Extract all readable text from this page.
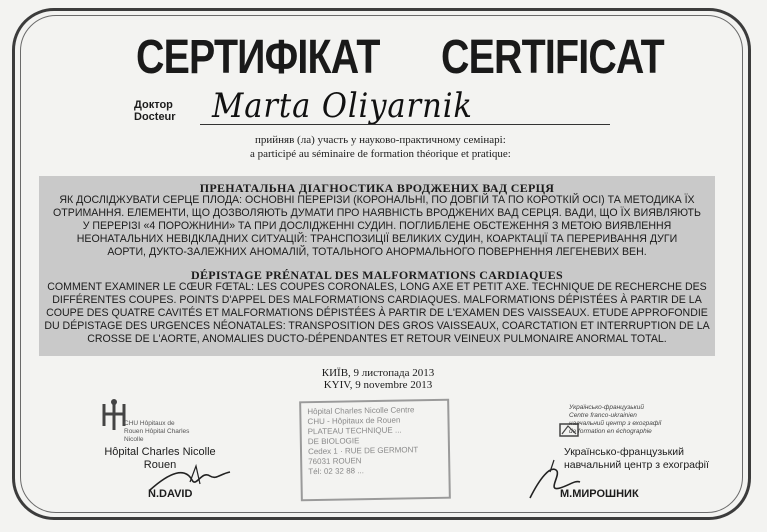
СЕРТИФІКАТ CERTIFICAT
Доктор
Docteur Marta Oliyarnik
прийняв (ла) участь у науково-практичному семінарі:
a participé au séminaire de formation théorique et pratique:
ПРЕНАТАЛЬНА ДІАГНОСТИКА ВРОДЖЕНИХ ВАД СЕРЦЯ
ЯК ДОСЛІДЖУВАТИ СЕРЦЕ ПЛОДА: ОСНОВНІ ПЕРЕРІЗИ (КОРОНАЛЬНІ, ПО ДОВГІЙ ТА ПО КОРОТКІЙ ОСІ) ТА МЕТОДИКА ЇХ
ОТРИМАННЯ. ЕЛЕМЕНТИ, ЩО ДОЗВОЛЯЮТЬ ДУМАТИ ПРО НАЯВНІСТЬ ВРОДЖЕНИХ ВАД СЕРЦЯ. ВАДИ, ЩО ЇХ ВИЯВЛЯЮТЬ
У ПЕРЕРІЗІ «4 ПОРОЖНИНИ» ТА ПРИ ДОСЛІДЖЕННІ СУДИН. ПОГЛИБЛЕНЕ ОБСТЕЖЕННЯ З МЕТОЮ ВИЯВЛЕННЯ
НЕОНАТАЛЬНИХ НЕВІДКЛАДНИХ СИТУАЦІЙ: ТРАНСПОЗИЦІЇ ВЕЛИКИХ СУДИН, КОАРКТАЦІЇ ТА ПЕРЕРИВАННЯ ДУГИ
АОРТИ, ДУКТО-ЗАЛЕЖНИХ АНОМАЛІЙ, ТОТАЛЬНОГО АНОРМАЛЬНОГО ПОВЕРНЕННЯ ЛЕГЕНЕВИХ ВЕН.
DÉPISTAGE PRÉNATAL DES MALFORMATIONS CARDIAQUES
COMMENT EXAMINER LE CŒUR FŒTAL: LES COUPES CORONALES, LONG AXE ET PETIT AXE. TECHNIQUE DE RECHERCHE DES
DIFFÉRENTES COUPES. POINTS D'APPEL DES MALFORMATIONS CARDIAQUES. MALFORMATIONS DÉPISTÉES À PARTIR DE LA
COUPE DES QUATRE CAVITÉS ET MALFORMATIONS DÉPISTÉES À PARTIR DE L'EXAMEN DES VAISSEAUX. ETUDE APPROFONDIE
DU DÉPISTAGE DES URGENCES NÉONATALES: TRANSPOSITION DES GROS VAISSEAUX, COARCTATION ET INTERRUPTION DE LA
CROSSE DE L'AORTE, ANOMALIES DUCTO-DÉPENDANTES ET RETOUR VEINEUX PULMONAIRE ANORMAL TOTAL.
КИЇВ, 9 листопада 2013
KYIV, 9 novembre 2013
Hôpital Charles Nicolle Centre
CHU - Hôpitaux de Rouen
PLATEAU TECHNIQUE ...
DE BIOLOGIE
Cedex 1 · RUE DE GERMONT
76031 ROUEN
Tél: 02 32 88 ...
CHU Hôpitaux de Rouen Hôpital Charles Nicolle
Hôpital Charles Nicolle
Rouen
N.DAVID
Українсько-французький
Centre franco-ukrainien
навчальний центр з ехографії
de formation en échographie
Українсько-французький
навчальний центр з ехографії
М.МИРОШНИК
